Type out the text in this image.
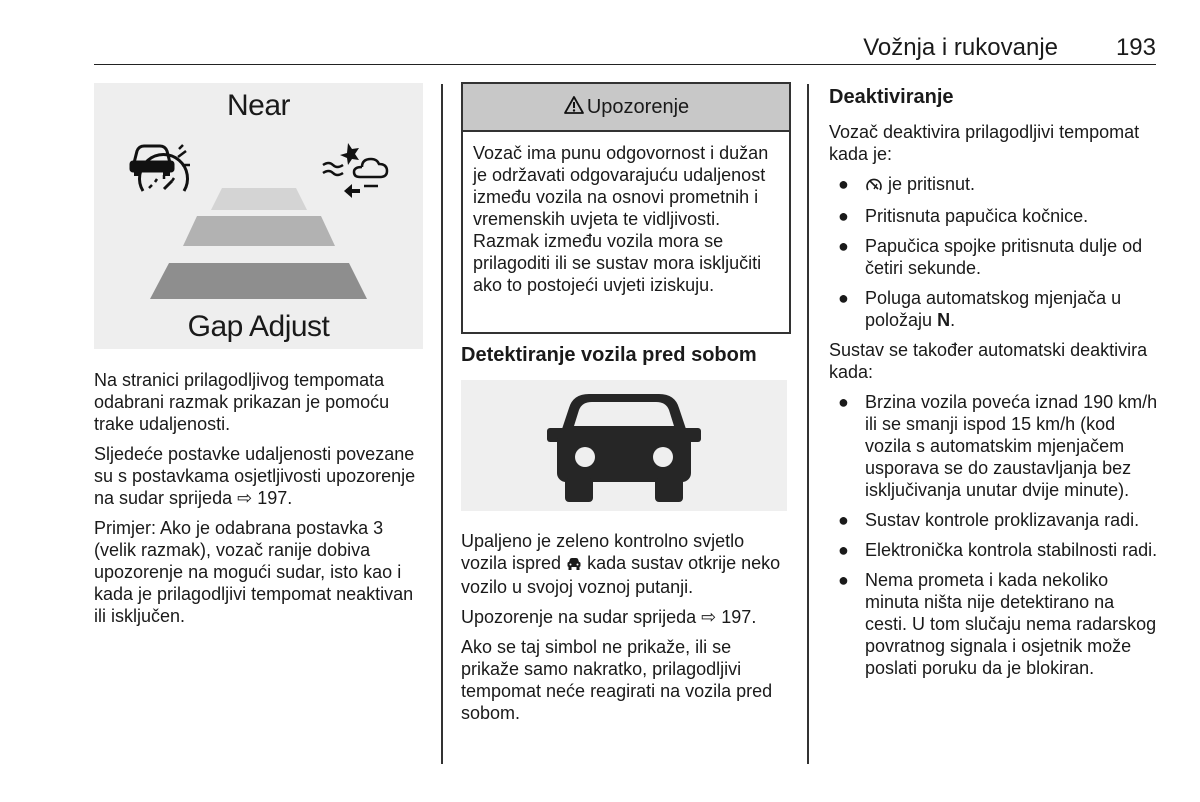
Vožnja i rukovanje 193
Near
Gap Adjust

Na stranici prilagodljivog tempomata odabrani razmak prikazan je pomoću trake udaljenosti.

Sljedeće postavke udaljenosti povezane su s postavkama osjetljivosti upozorenje na sudar sprijeda ⇨ 197.

Primjer: Ako je odabrana postavka 3 (velik razmak), vozač ranije dobiva upozorenje na mogući sudar, isto kao i kada je prilagodljivi tempomat neaktivan ili isključen.

Upozorenje
Vozač ima punu odgovornost i dužan je održavati odgovarajuću udaljenost između vozila na osnovi prometnih i vremenskih uvjeta te vidljivosti. Razmak između vozila mora se prilagoditi ili se sustav mora isključiti ako to postojeći uvjeti iziskuju.
Detektiranje vozila pred sobom

Upaljeno je zeleno kontrolno svjetlo vozila ispred kada sustav otkrije neko vozilo u svojoj voznoj putanji.

Upozorenje na sudar sprijeda ⇨ 197.

Ako se taj simbol ne prikaže, ili se prikaže samo nakratko, prilagodljivi tempomat neće reagirati na vozila pred sobom.

Deaktiviranje

Vozač deaktivira prilagodljivi tempomat kada je:

● je pritisnut.
● Pritisnuta papučica kočnice.
● Papučica spojke pritisnuta dulje od četiri sekunde.
● Poluga automatskog mjenjača u položaju N.

Sustav se također automatski deaktivira kada:

● Brzina vozila poveća iznad 190 km/h ili se smanji ispod 15 km/h (kod vozila s automatskim mjenjačem usporava se do zaustavljanja bez isključivanja unutar dvije minute).
● Sustav kontrole proklizavanja radi.
● Elektronička kontrola stabilnosti radi.
● Nema prometa i kada nekoliko minuta ništa nije detektirano na cesti. U tom slučaju nema radarskog povratnog signala i osjetnik može poslati poruku da je blokiran.
